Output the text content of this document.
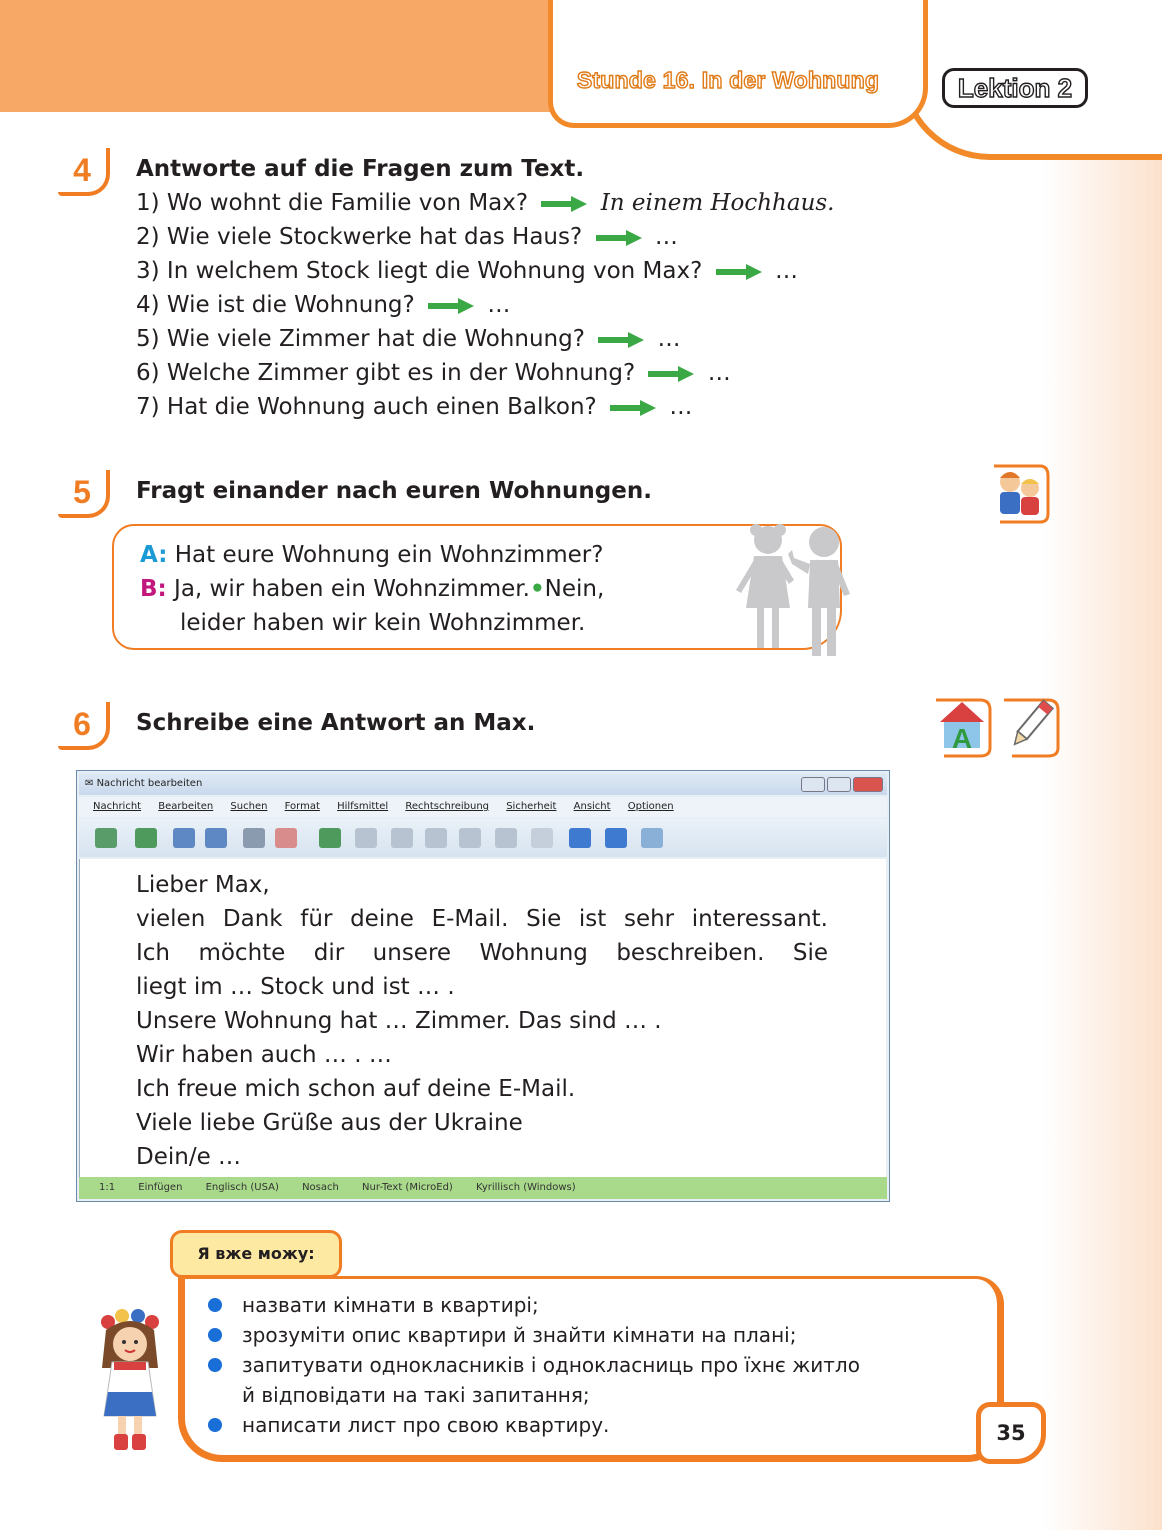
Stunde 16. In der Wohnung	Lektion 2
4	Antworte auf die Fragen zum Text.
1) Wo wohnt die Familie von Max?	In einem Hochhaus.
2) Wie viele Stockwerke hat das Haus?	…
3) In welchem Stock liegt die Wohnung von Max?	…
4) Wie ist die Wohnung?	…
5) Wie viele Zimmer hat die Wohnung?	…
6) Welche Zimmer gibt es in der Wohnung?	…
7) Hat die Wohnung auch einen Balkon?	…
5	Fragt einander nach euren Wohnungen.
A: Hat eure Wohnung ein Wohnzimmer?
B: Ja, wir haben ein Wohnzimmer.•Nein,
leider haben wir kein Wohnzimmer.
6	Schreibe eine Antwort an Max.	A
✉ Nachricht bearbeiten
Nachricht Bearbeiten Suchen Format Hilfsmittel Rechtschreibung Sicherheit Ansicht Optionen
1:1 Einfügen Englisch (USA) Nosach Nur-Text (MicroEd) Kyrillisch (Windows)
Lieber Max,
vielen Dank für deine E-Mail. Sie ist sehr interessant.
Ich möchte dir unsere Wohnung beschreiben. Sie
liegt im … Stock und ist … .
Unsere Wohnung hat … Zimmer. Das sind … .
Wir haben auch … . …
Ich freue mich schon auf deine E-Mail.
Viele liebe Grüße aus der Ukraine
Dein/e …
Я вже можу:
назвати кімнати в квартирі;
зрозуміти опис квартири й знайти кімнати на плані;
запитувати однокласників і однокласниць про їхнє житло
й відповідати на такі запитання;
написати лист про свою квартиру.	35
